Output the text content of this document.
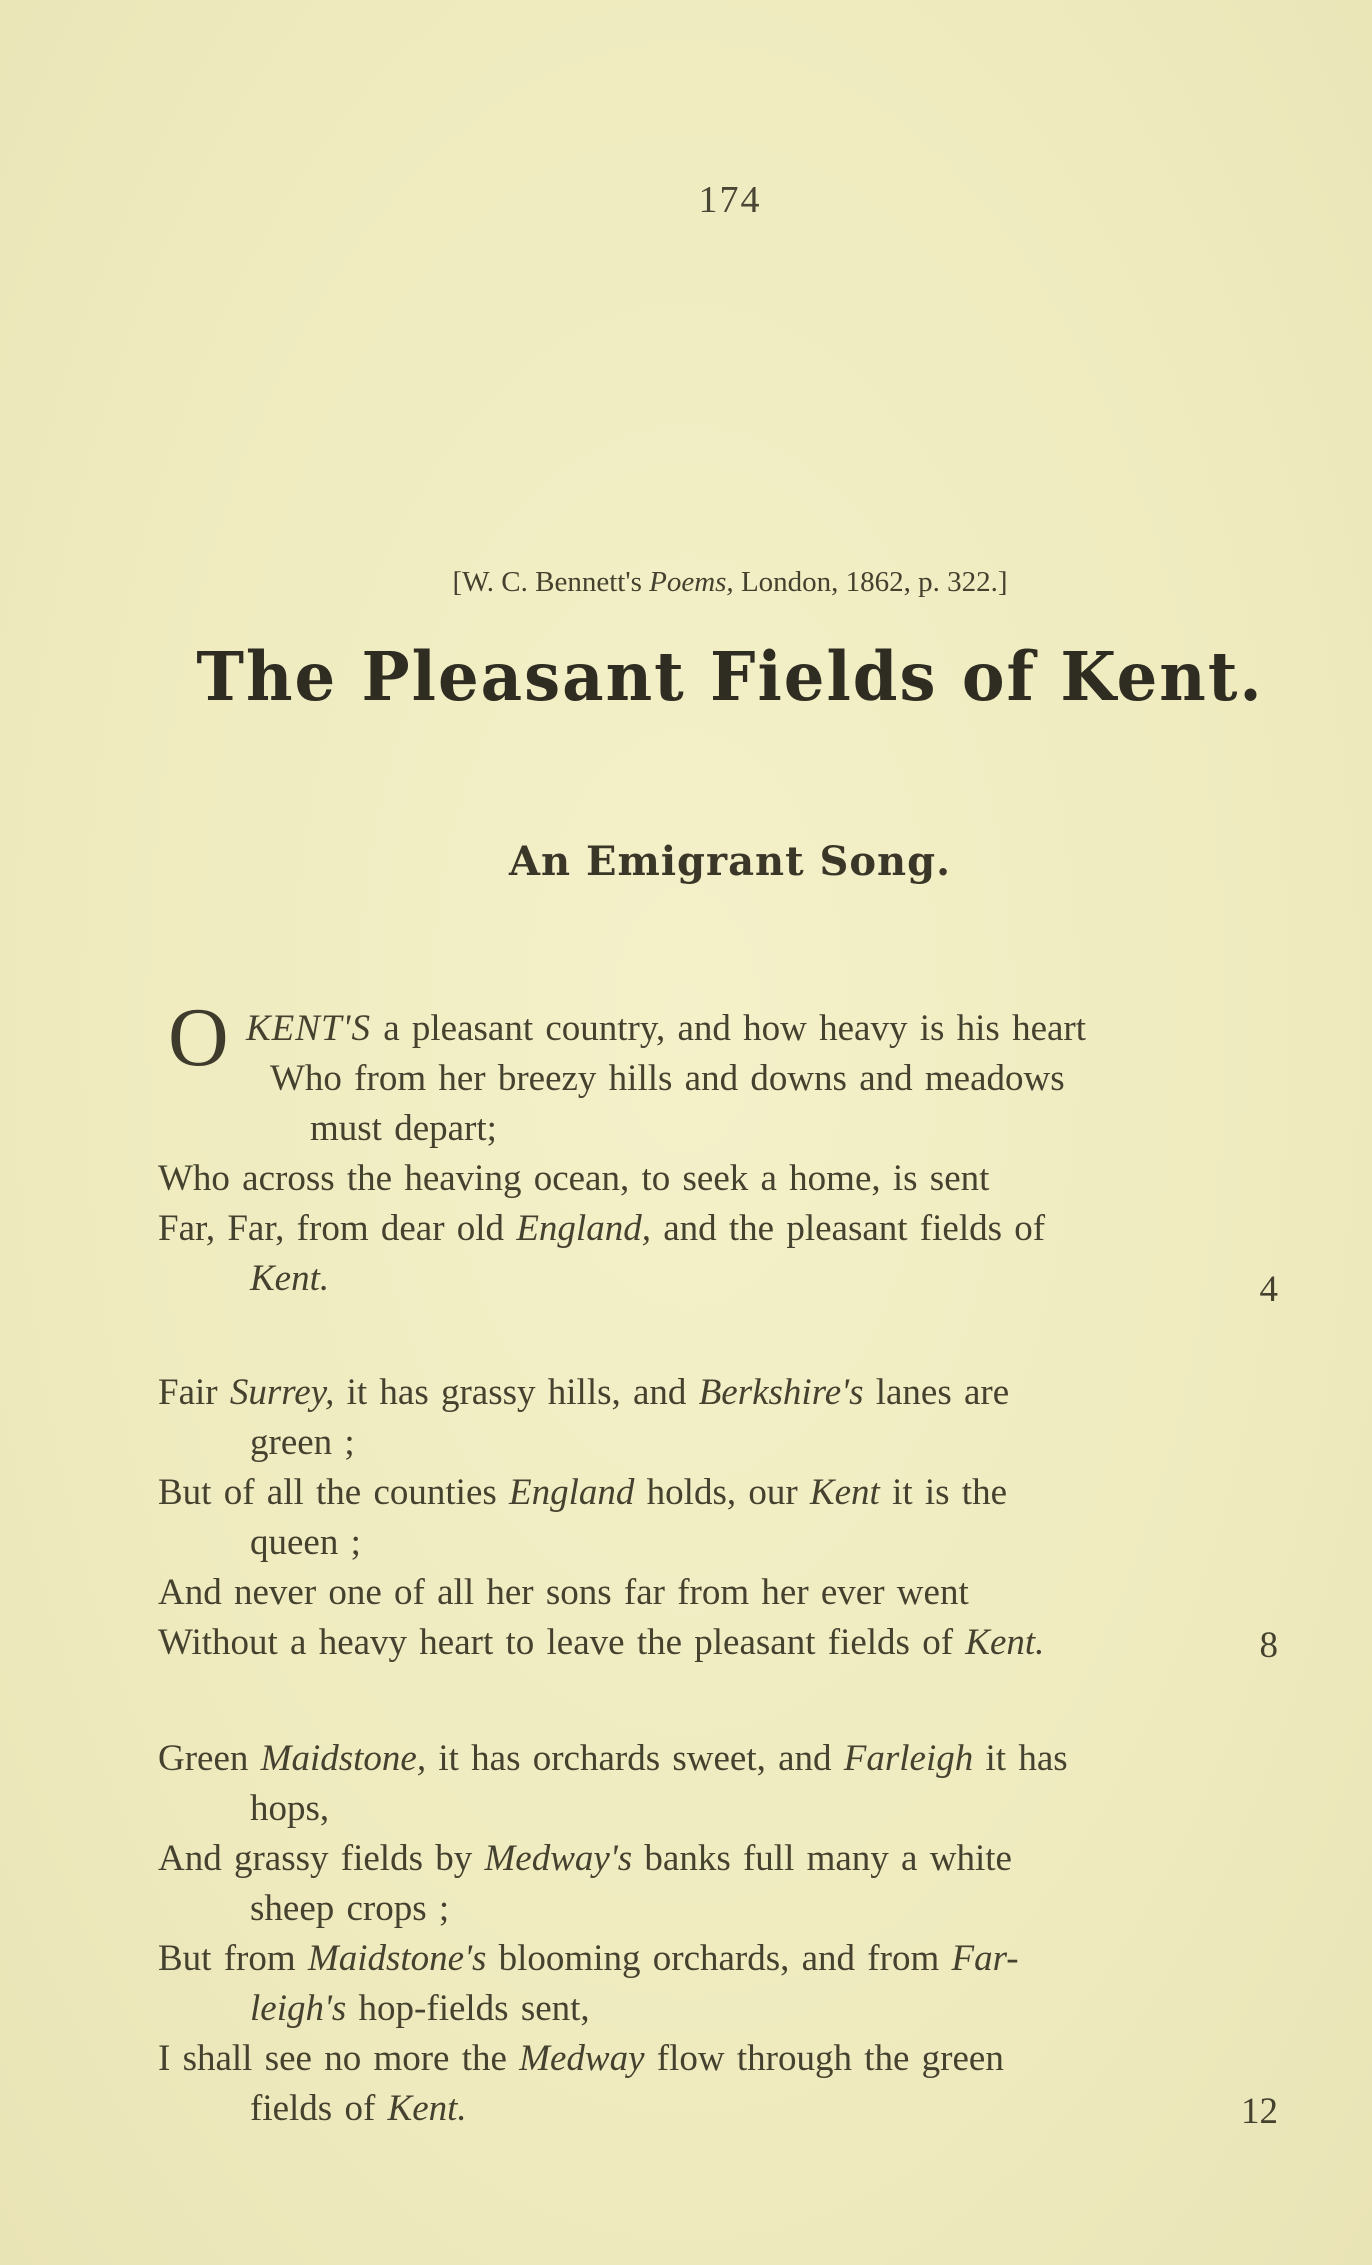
174
[W. C. Bennett's Poems, London, 1862, p. 322.]
The Pleasant Fields of Kent.
An Emigrant Song.
O KENT'S a pleasant country, and how heavy is his heart
Who from her breezy hills and downs and meadows
must depart;
Who across the heaving ocean, to seek a home, is sent
Far, Far, from dear old England, and the pleasant fields of
Kent.	4
Fair Surrey, it has grassy hills, and Berkshire's lanes are
green ;
But of all the counties England holds, our Kent it is the
queen ;
And never one of all her sons far from her ever went
Without a heavy heart to leave the pleasant fields of Kent.	8
Green Maidstone, it has orchards sweet, and Farleigh it has
hops,
And grassy fields by Medway's banks full many a white
sheep crops ;
But from Maidstone's blooming orchards, and from Far-
leigh's hop-fields sent,
I shall see no more the Medway flow through the green
fields of Kent.	12
